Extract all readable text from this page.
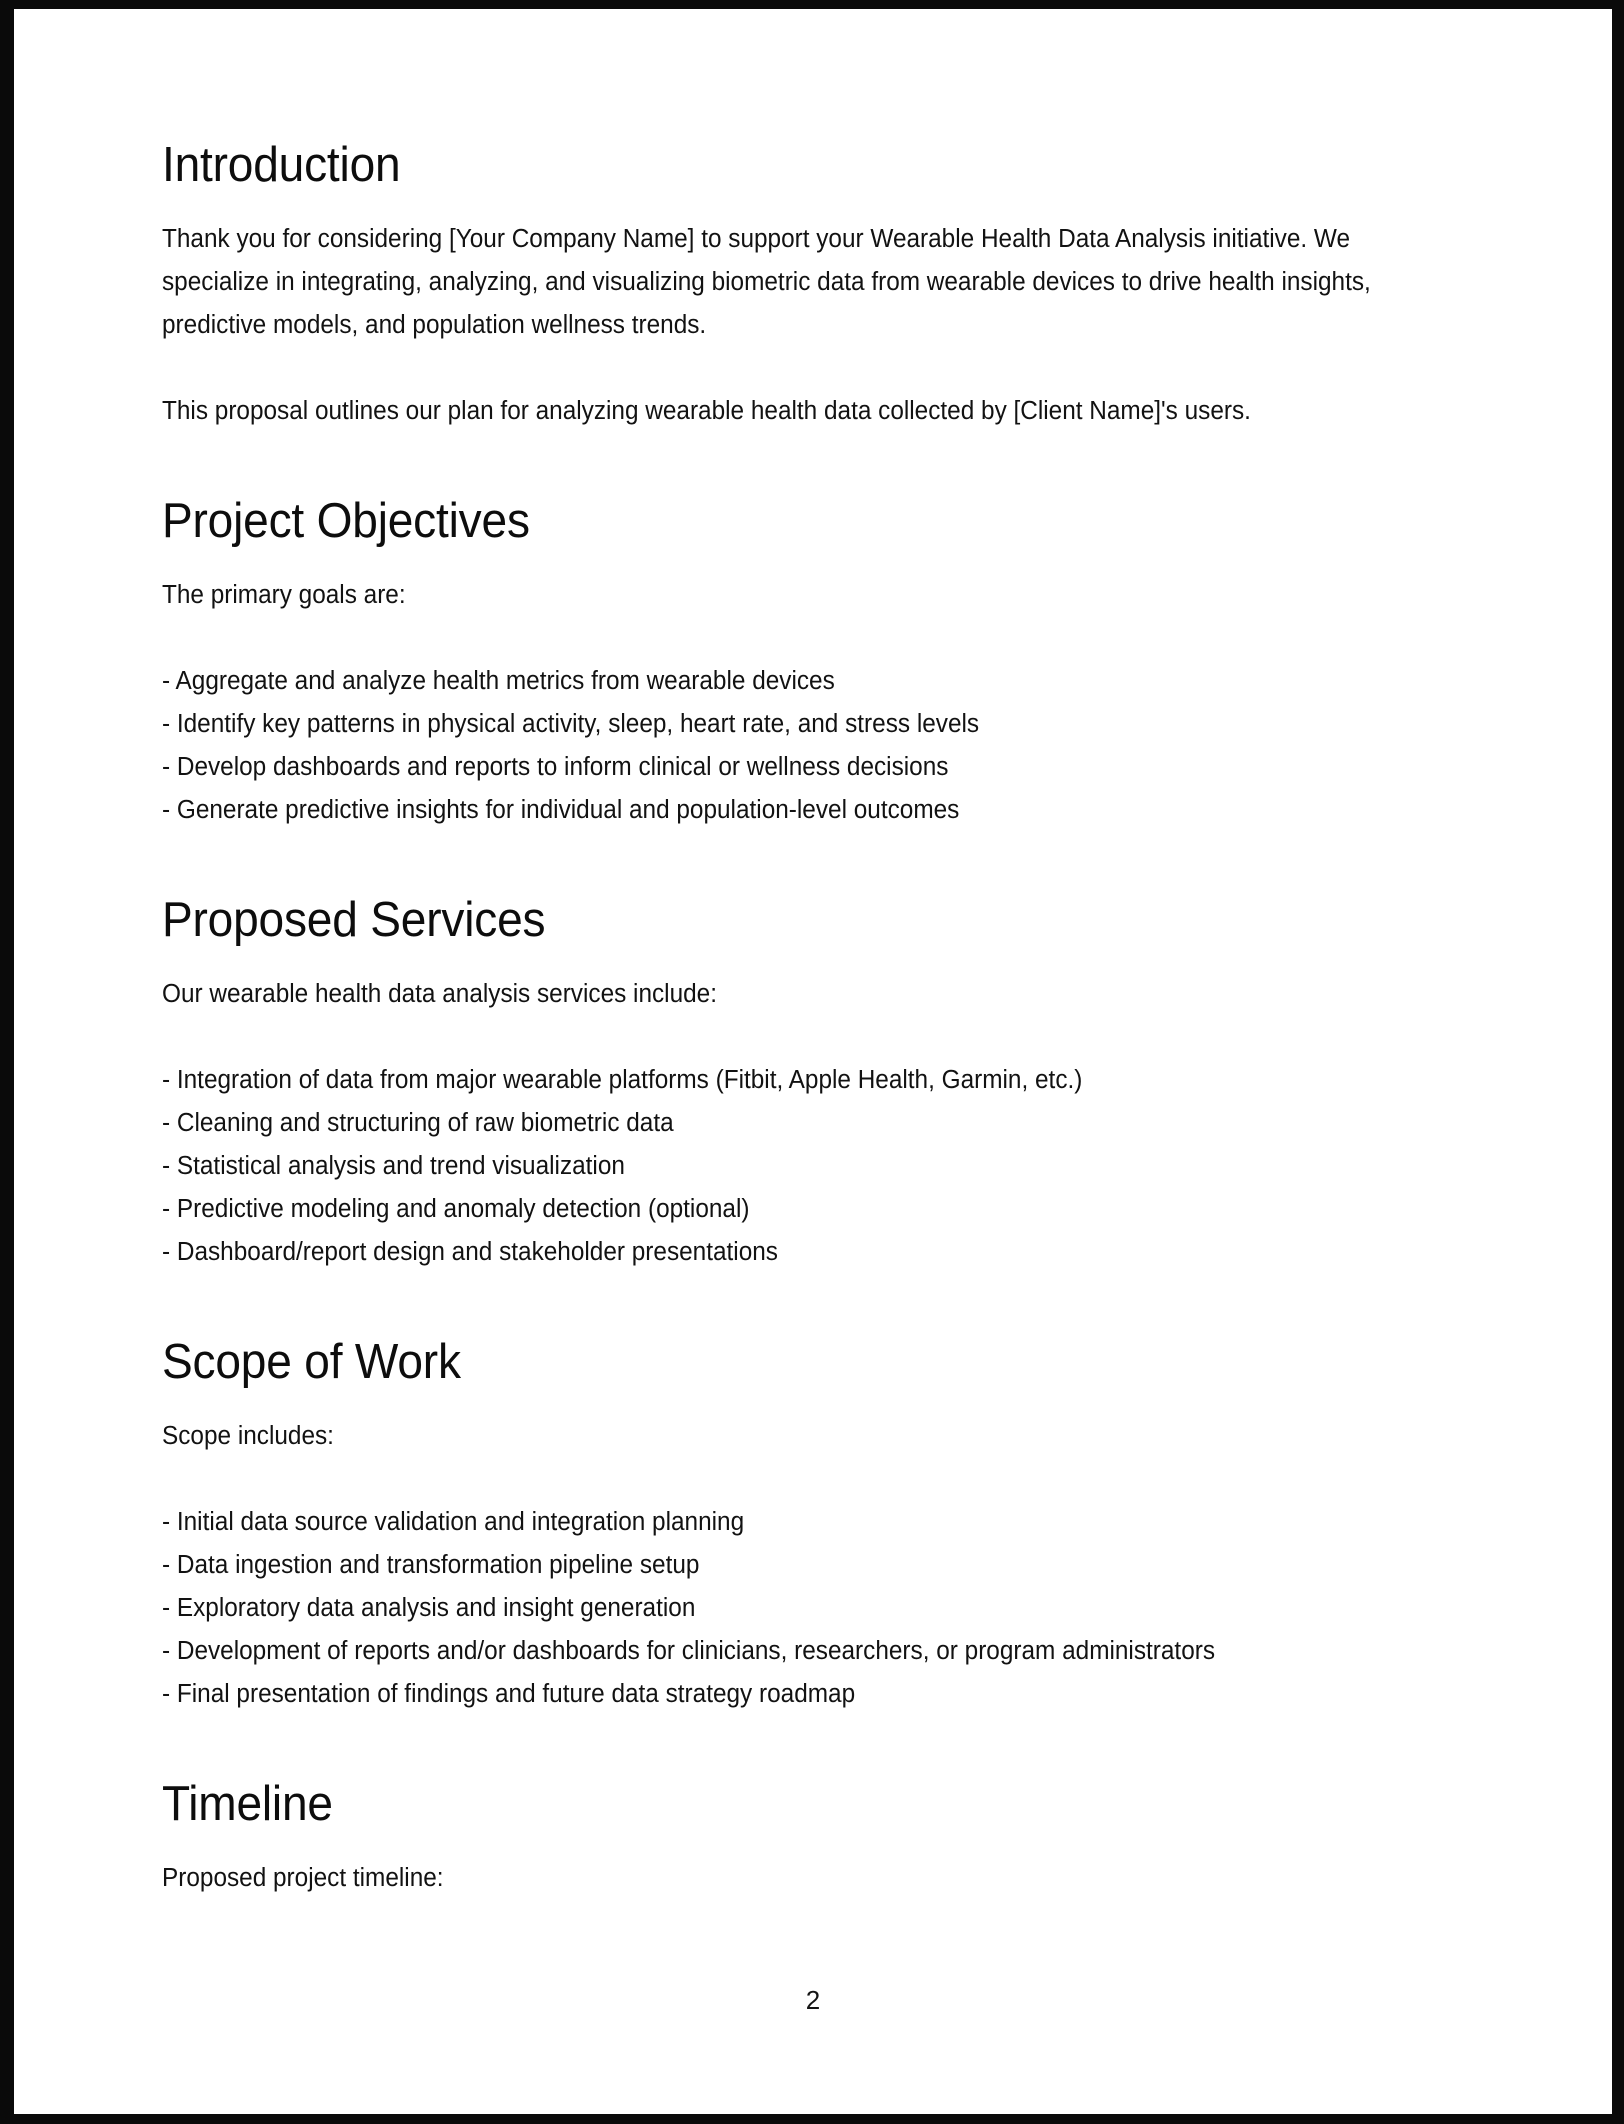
Introduction

Thank you for considering [Your Company Name] to support your Wearable Health Data Analysis initiative. We specialize in integrating, analyzing, and visualizing biometric data from wearable devices to drive health insights, predictive models, and population wellness trends.

This proposal outlines our plan for analyzing wearable health data collected by [Client Name]'s users.

Project Objectives

The primary goals are:

- Aggregate and analyze health metrics from wearable devices
- Identify key patterns in physical activity, sleep, heart rate, and stress levels
- Develop dashboards and reports to inform clinical or wellness decisions
- Generate predictive insights for individual and population-level outcomes
Proposed Services

Our wearable health data analysis services include:

- Integration of data from major wearable platforms (Fitbit, Apple Health, Garmin, etc.)
- Cleaning and structuring of raw biometric data
- Statistical analysis and trend visualization
- Predictive modeling and anomaly detection (optional)
- Dashboard/report design and stakeholder presentations
Scope of Work

Scope includes:

- Initial data source validation and integration planning
- Data ingestion and transformation pipeline setup
- Exploratory data analysis and insight generation
- Development of reports and/or dashboards for clinicians, researchers, or program administrators
- Final presentation of findings and future data strategy roadmap
Timeline

Proposed project timeline:

2
